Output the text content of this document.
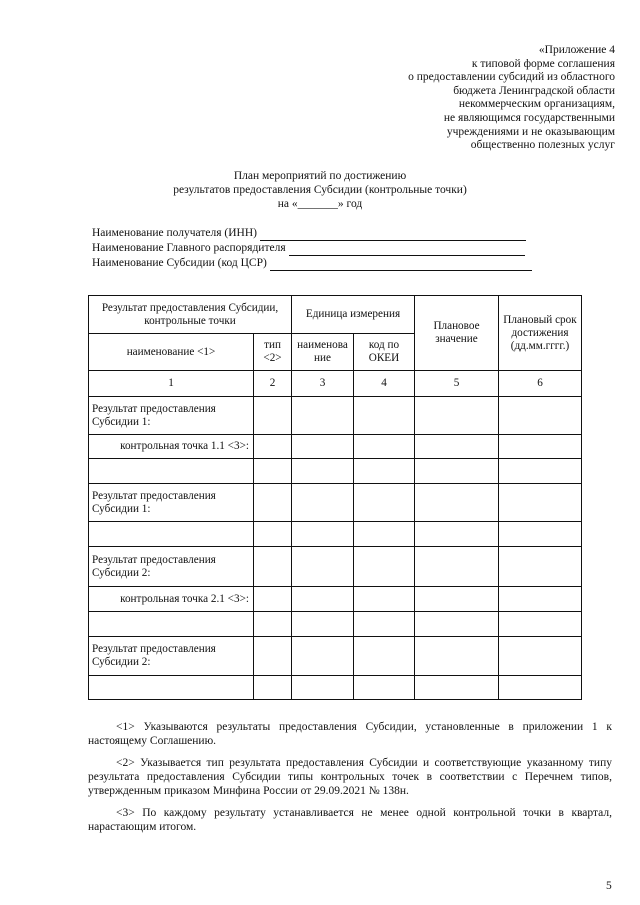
«Приложение 4
к типовой форме соглашения
о предоставлении субсидий из областного
бюджета Ленинградской области
некоммерческим организациям,
не являющимся государственными
учреждениями и не оказывающим
общественно полезных услуг
План мероприятий по достижению
результатов предоставления Субсидии (контрольные точки)
на «_______» год
Наименование получателя (ИНН)
Наименование Главного распорядителя
Наименование Субсидии (код ЦСР)
Результат предоставления Субсидии, контрольные точки		Единица измерения		Плановое значение	Плановый срок достижения (дд.мм.гггг.)
наименование <1>	тип <2>	наименова ние	код по ОКЕИ		
1	2	3	4	5	6
Результат предоставления Субсидии 1:					
контрольная точка 1.1 <3>:					

Результат предоставления Субсидии 1:					

Результат предоставления Субсидии 2:					
контрольная точка 2.1 <3>:					

Результат предоставления Субсидии 2:					

<1> Указываются результаты предоставления Субсидии, установленные в приложении 1 к настоящему Соглашению.

<2> Указывается тип результата предоставления Субсидии и соответствующие указанному типу результата предоставления Субсидии типы контрольных точек в соответствии с Перечнем типов, утвержденным приказом Минфина России от 29.09.2021 № 138н.

<3> По каждому результату устанавливается не менее одной контрольной точки в квартал, нарастающим итогом.

5
